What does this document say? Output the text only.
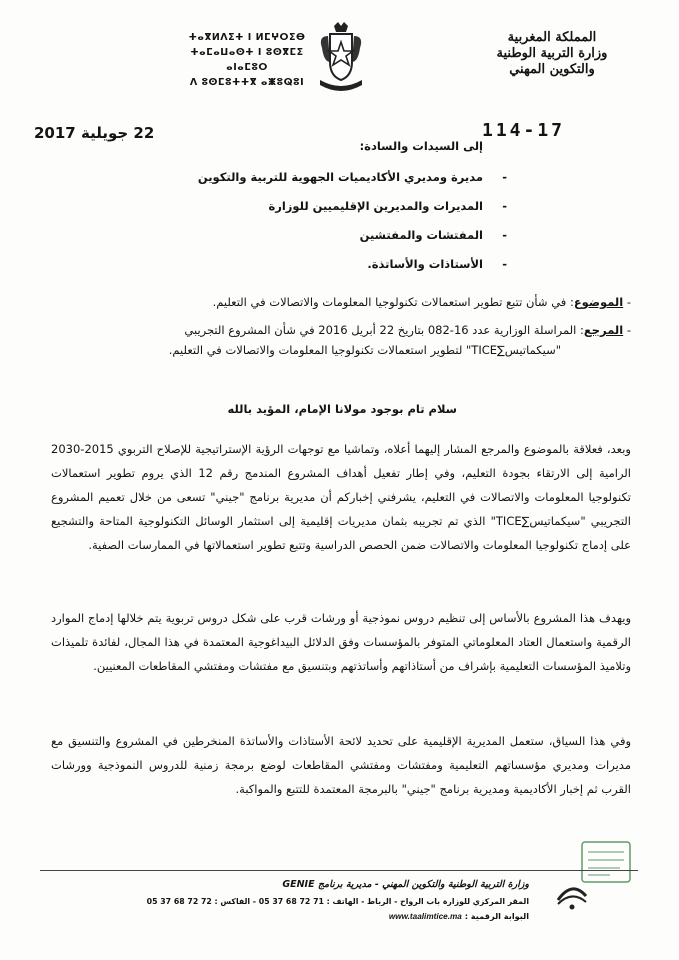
المملكة المغربية
وزارة التربية الوطنية
والتكوين المهني
ⵜⴰⴳⵍⴷⵉⵜ ⵏ ⵍⵎⵖⵔⵉⴱ
ⵜⴰⵎⴰⵡⴰⵙⵜ ⵏ ⵓⵙⴳⵎⵉ ⴰⵏⴰⵎⵓⵔ
ⴷ ⵓⵙⵎⵓⵜⵜⴳ ⴰⵥⵓⵕⵓⵏ
22 جويلية 2017	114-17
إلى السيدات والسادة:
-
مديرة ومديري الأكاديميات الجهوية للتربية والتكوين
-
المديرات والمديرين الإقليميين للوزارة
-
المفتشات والمفتشين
-
الأستاذات والأساتذة.
- الموضوع: في شأن تتبع تطوير استعمالات تكنولوجيا المعلومات والاتصالات في التعليم.
- المرجع: المراسلة الوزارية عدد 16-082 بتاريخ 22 أبريل 2016 في شأن المشروع التجريبي
"سيكماتيس∑TICE" لتطوير استعمالات تكنولوجيا المعلومات والاتصالات في التعليم.
سلام تام بوجود مولانا الإمام، المؤيد بالله
وبعد، فعلاقة بالموضوع والمرجع المشار إليهما أعلاه، وتماشيا مع توجهات الرؤية الإستراتيجية للإصلاح التربوي 2015-2030 الرامية إلى الارتقاء بجودة التعليم، وفي إطار تفعيل أهداف المشروع المندمج رقم 12 الذي يروم تطوير استعمالات تكنولوجيا المعلومات والاتصالات في التعليم، يشرفني إخباركم أن مديرية برنامج "جيني" تسعى من خلال تعميم المشروع التجريبي "سيكماتيس∑TICE" الذي تم تجريبه بثمان مديريات إقليمية إلى استثمار الوسائل التكنولوجية المتاحة والتشجيع على إدماج تكنولوجيا المعلومات والاتصالات ضمن الحصص الدراسية وتتبع تطوير استعمالاتها في الممارسات الصفية.
ويهدف هذا المشروع بالأساس إلى تنظيم دروس نموذجية أو ورشات قرب على شكل دروس تربوية يتم خلالها إدماج الموارد الرقمية واستعمال العتاد المعلوماتي المتوفر بالمؤسسات وفق الدلائل البيداغوجية المعتمدة في هذا المجال، لفائدة تلميذات وتلاميذ المؤسسات التعليمية بإشراف من أستاذاتهم وأساتذتهم وبتنسيق مع مفتشات ومفتشي المقاطعات المعنيين.
وفي هذا السياق، ستعمل المديرية الإقليمية على تحديد لائحة الأستاذات والأساتذة المنخرطين في المشروع والتنسيق مع مديرات ومديري مؤسساتهم التعليمية ومفتشات ومفتشي المقاطعات لوضع برمجة زمنية للدروس النموذجية وورشات القرب ثم إخبار الأكاديمية ومديرية برنامج "جيني" بالبرمجة المعتمدة للتتبع والمواكبة.
وزارة التربية الوطنية والتكوين المهني - مديرية برنامج GENIE
المقر المركزي للوزارة باب الرواح - الرباط - الهاتف : 71 72 68 37 05 - الفاكس : 72 72 68 37 05
البوابة الرقمية : www.taalimtice.ma
